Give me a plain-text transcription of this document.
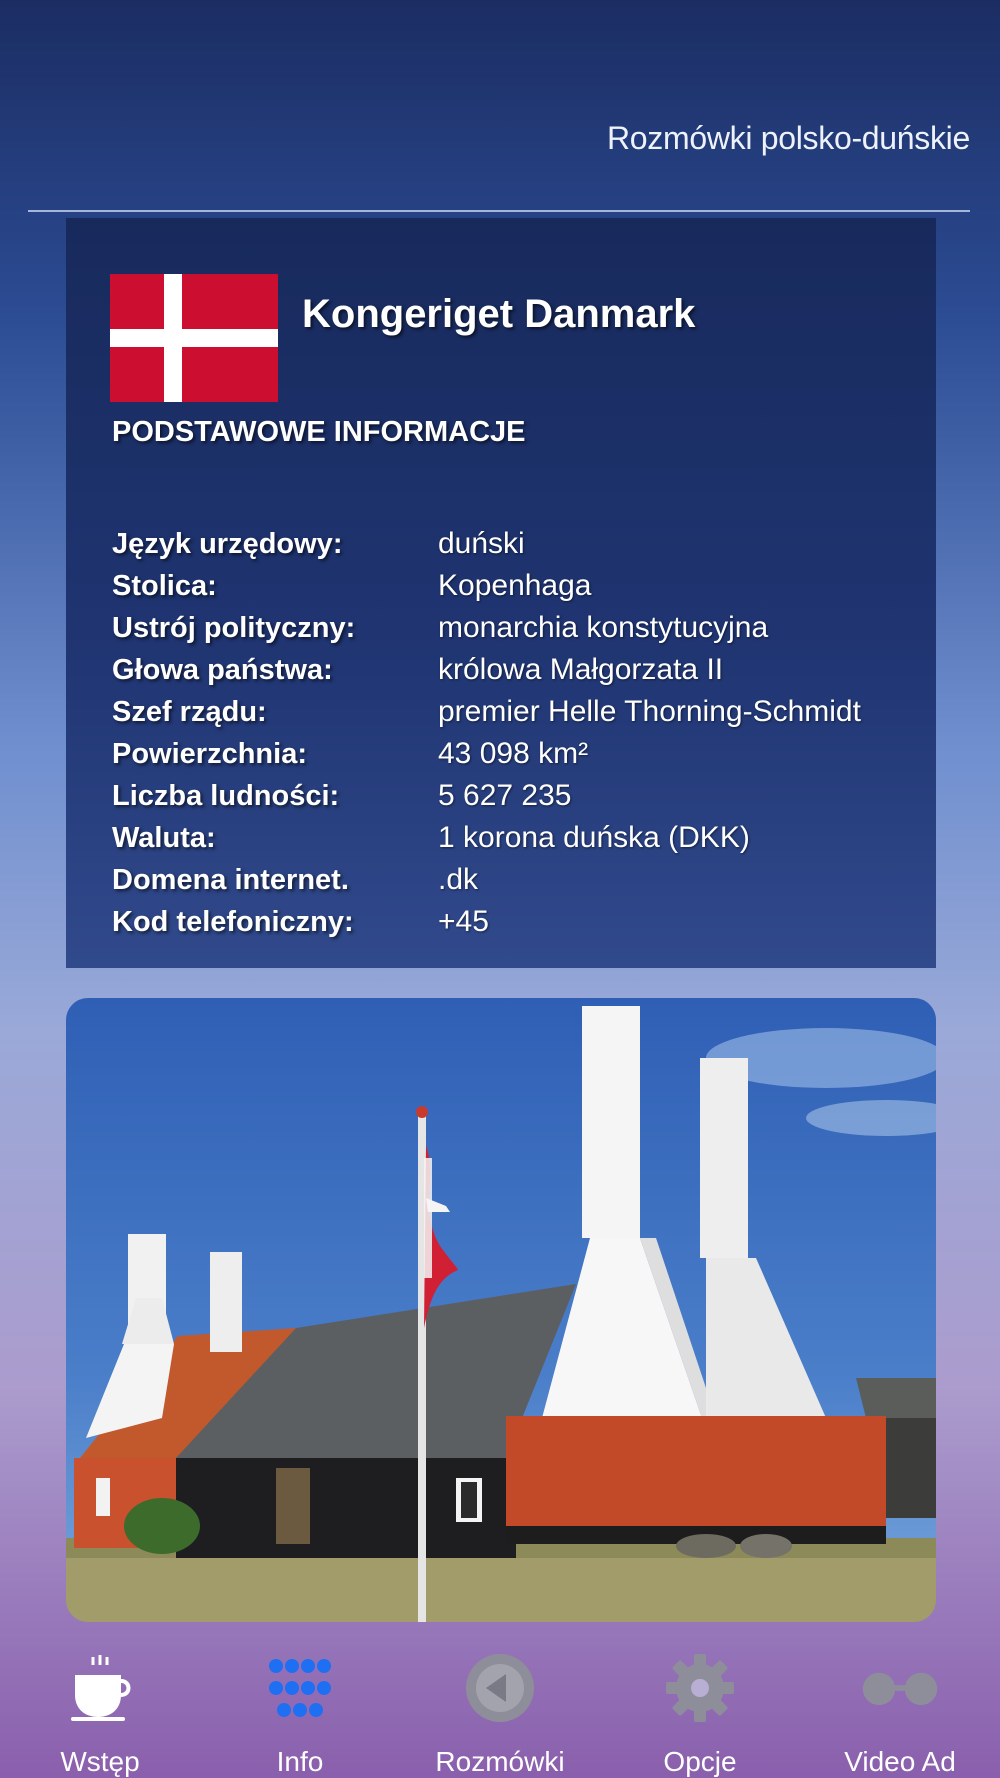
Rozmówki polsko-duńskie
Kongeriget Danmark
PODSTAWOWE INFORMACJE
Język urzędowy:	duński
Stolica:	Kopenhaga
Ustrój polityczny:	monarchia konstytucyjna
Głowa państwa:	królowa Małgorzata II
Szef rządu:	premier Helle Thorning-Schmidt
Powierzchnia:	43 098 km²
Liczba ludności:	5 627 235
Waluta:	1 korona duńska (DKK)
Domena internet.	.dk
Kod telefoniczny:	+45
Wstęp	Info	Rozmówki	Opcje	Video Ad
